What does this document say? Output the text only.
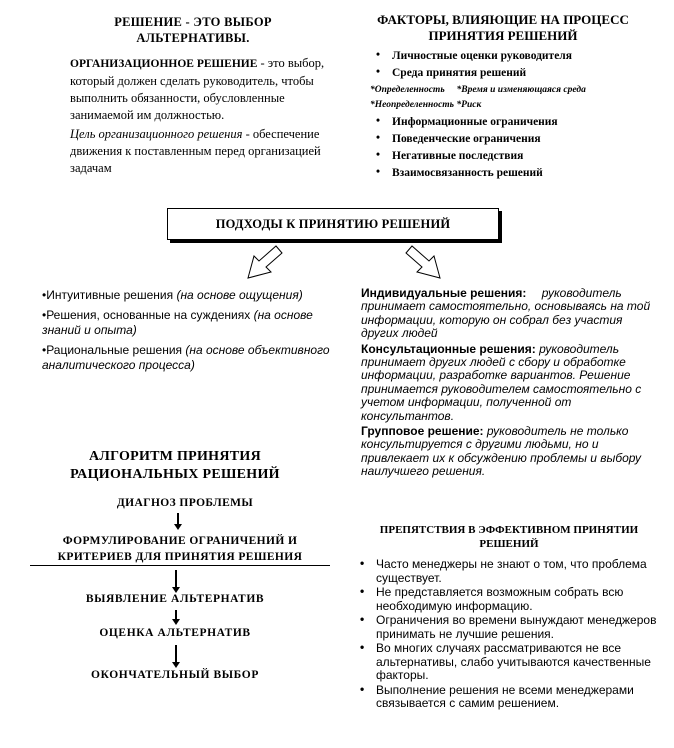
РЕШЕНИЕ - ЭТО ВЫБОР АЛЬТЕРНАТИВЫ.
ОРГАНИЗАЦИОННОЕ РЕШЕНИЕ - это выбор, который должен сделать руководитель, чтобы выполнить обязанности, обусловленные занимаемой им должностью.
Цель организационного решения - обеспечение движения к поставленным перед организацией задачам
ФАКТОРЫ, ВЛИЯЮЩИЕ НА ПРОЦЕСС ПРИНЯТИЯ РЕШЕНИЙ
• Личностные оценки руководителя
• Среда принятия решений
*Определенность     *Время и изменяющаяся среда
*Неопределенность *Риск
• Информационные ограничения
• Поведенческие ограничения
• Негативные последствия
• Взаимосвязанность решений
ПОДХОДЫ К ПРИНЯТИЮ РЕШЕНИЙ
•Интуитивные решения (на основе ощущения)
•Решения, основанные на суждениях (на основе знаний и опыта)
•Рациональные решения (на основе объективного аналитического процесса)
Индивидуальные решения: руководитель принимает самостоятельно, основываясь на той информации, которую он собрал без участия других людей
Консультационные решения: руководитель принимает других людей с сбору и обработке информации, разработке вариантов. Решение принимается руководителем самостоятельно с учетом информации, полученной от консультантов.
Групповое решение: руководитель не только консультируется с другими людьми, но и привлекает их к обсуждению проблемы и выбору наилучшего решения.
АЛГОРИТМ ПРИНЯТИЯ РАЦИОНАЛЬНЫХ РЕШЕНИЙ
ДИАГНОЗ ПРОБЛЕМЫ
ФОРМУЛИРОВАНИЕ ОГРАНИЧЕНИЙ И КРИТЕРИЕВ ДЛЯ ПРИНЯТИЯ РЕШЕНИЯ
ВЫЯВЛЕНИЕ АЛЬТЕРНАТИВ
ОЦЕНКА АЛЬТЕРНАТИВ
ОКОНЧАТЕЛЬНЫЙ ВЫБОР
ПРЕПЯТСТВИЯ В ЭФФЕКТИВНОМ ПРИНЯТИИ РЕШЕНИЙ
• Часто менеджеры не знают о том, что проблема существует.
• Не представляется возможным собрать всю необходимую информацию.
• Ограничения во времени вынуждают менеджеров принимать не лучшие решения.
• Во многих случаях рассматриваются не все альтернативы, слабо учитываются качественные факторы.
• Выполнение решения не всеми менеджерами связывается с самим решением.
